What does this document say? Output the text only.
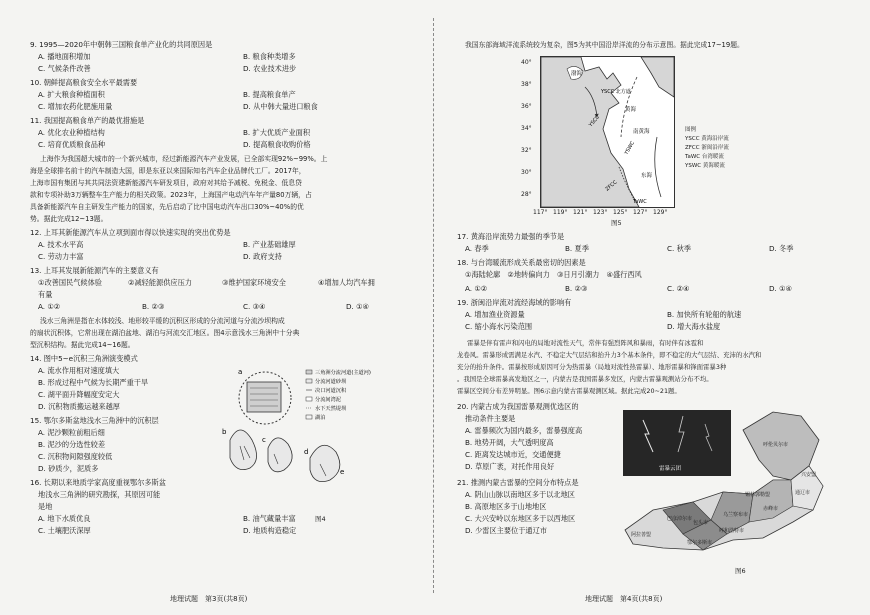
9. 1995—2020年中朝韩三国粮食单产业化的共同原因是
A. 播地面积增加	B. 粮食种类增多
C. 气候条件改善	D. 农业技术进步
10. 朝鲜提高粮食安全水平最需要
A. 扩大粮食种植面积	B. 提高粮食单产
C. 增加农药化肥施用量	D. 从中韩大量进口粮食
11. 我国提高粮食单产的最优措施是
A. 优化农业种植结构	B. 扩大优质产业面积
C. 培育优质粮食品种	D. 提高粮食收购价格
上海作为我国超大城市的一个新兴城市，经过新能源汽车产业发展，已全部实现92%~99%。上
海是全球排名前十的汽车制造大国，即是东亚以来国际知名汽车企业品牌代工厂。2017年，
上海市国有集团与其共同法资建新能源汽车研发项目，政府对其给予减税、免税金、低息贷
款和专项补助3万辆整车生产能力的相关政策。2023年，上海国产电动汽车年产量80万辆，占
具备新能源汽车自主研发生产能力的国家，先后启动了比中国电动汽车出口30%~40%的优
势。据此完成12~13题。
12. 上耳其新能源汽车从立项到面市得以快速实现的突出优势是
A. 技术水平高	B. 产业基础雄厚
C. 劳动力丰富	D. 政府支持
13. 上耳其发展新能源汽车的主要意义有
①改善国民气候体验	②减轻能源供应压力	③维护国家环境安全	④增加人均汽车拥
有量
A. ①②	B. ②③	C. ③④	D. ①④
浅水三角洲是指在水体较浅、地形较平缓的沉积区形成的分流河道与分流沙坝构成
的扇状沉积体，它常出现在湖泊盆地、湖泊与河流交汇地区。图4示意浅水三角洲中十分典
型沉积结构。据此完成14~16题。
14. 图中5~e沉积三角洲演变模式
A. 流水作用相对速度填大
B. 形成过程中气候为长期严重干旱
C. 湖平面升降幅度安定大
D. 沉积物质搬运越来越厚
15. 鄂尔多斯盆地浅水三角洲中的沉积层
A. 泥沙颗粒前粗后细
B. 泥沙的分选性较差
C. 沉积物间隙强度较低
D. 砂质少，泥质多
16. 长期以来地质学家高度重视鄂尔多斯盆
地浅水三角洲的研究勘探，其原因可能
是地
A. 地下水质优良	B. 油气藏量丰富
C. 土壤肥沃深厚	D. 地质构造稳定
a
b
c
d
e
三角洲分流河道(主道河)
分流河道砂坝
决口河道沉积
分流间湾泥
水下天然堤坝
湖泊
图4
地理试题　第3页(共8页)
我国东部海域洋流系统较为复杂，图5为其中国沿岸洋流的分布示意图。据此完成17~19题。
渤海
YSCC 北方道
黄海
南黄海
东海
YSWC
YSCC
TaWC
ZFCC
40°
38°
36°
34°
32°
30°
28°
117° 119° 121° 123° 125° 127° 129°
图例
YSCC 黄海沿岸流
ZFCC 浙闽沿岸流
TaWC 台湾暖流
YSWC 黄海暖流
图5
17. 黄海沿岸流势力最强的季节是
A. 春季	B. 夏季	C. 秋季	D. 冬季
18. 与台湾暖流形成关系最密切的因素是
①海陆轮廓　②地转偏向力　③日月引潮力　④盛行西风
A. ①②	B. ②③	C. ②④	D. ①④
19. 浙闽沿岸流对流经海域的影响有
A. 增加渔业资源量	B. 加快所有轮船的航速
C. 缩小海水污染范围	D. 增大海水盐度
雷暴是伴有雷声和闪电的局地对流性天气，常伴有强烈阵风和暴雨，有时伴有冰雹和
龙卷风。雷暴形成需满足水汽、不稳定大气层结和抬升力3个基本条件，即不稳定的大气层结、充沛的水汽和
充分的抬升条件。雷暴按形成原因可分为热雷暴（局地对流性热雷暴）、地形雷暴和锋面雷暴3种
。我国是全球雷暴高发地区之一，内蒙古是我国雷暴多发区，内蒙古雷暴观测站分布不均。
雷暴区空间分布差异明显。图6示意内蒙古雷暴观测区域。据此完成20~21题。
20. 内蒙古成为我国雷暴观测优选区的
推动条件主要是
A. 雷暴频次为国内最多，雷暴强度高
B. 地势开阔，大气透明度高
C. 距离发达城市近，交通便捷
D. 草原广袤，对托作用良好
21. 推测内蒙古雷暴的空间分布特点是
A. 阴山山脉以南地区多于以北地区
B. 高原地区多于山地地区
C. 大兴安岭以东地区多于以西地区
D. 少雷区主要位于通辽市
雷暴云团
呼伦贝尔市
兴安盟
通辽市
赤峰市
锡林郭勒盟
乌兰察布市
包头市
巴彦淖尔市
鄂尔多斯市
阿拉善盟
呼和浩特市
图6
地理试题　第4页(共8页)
